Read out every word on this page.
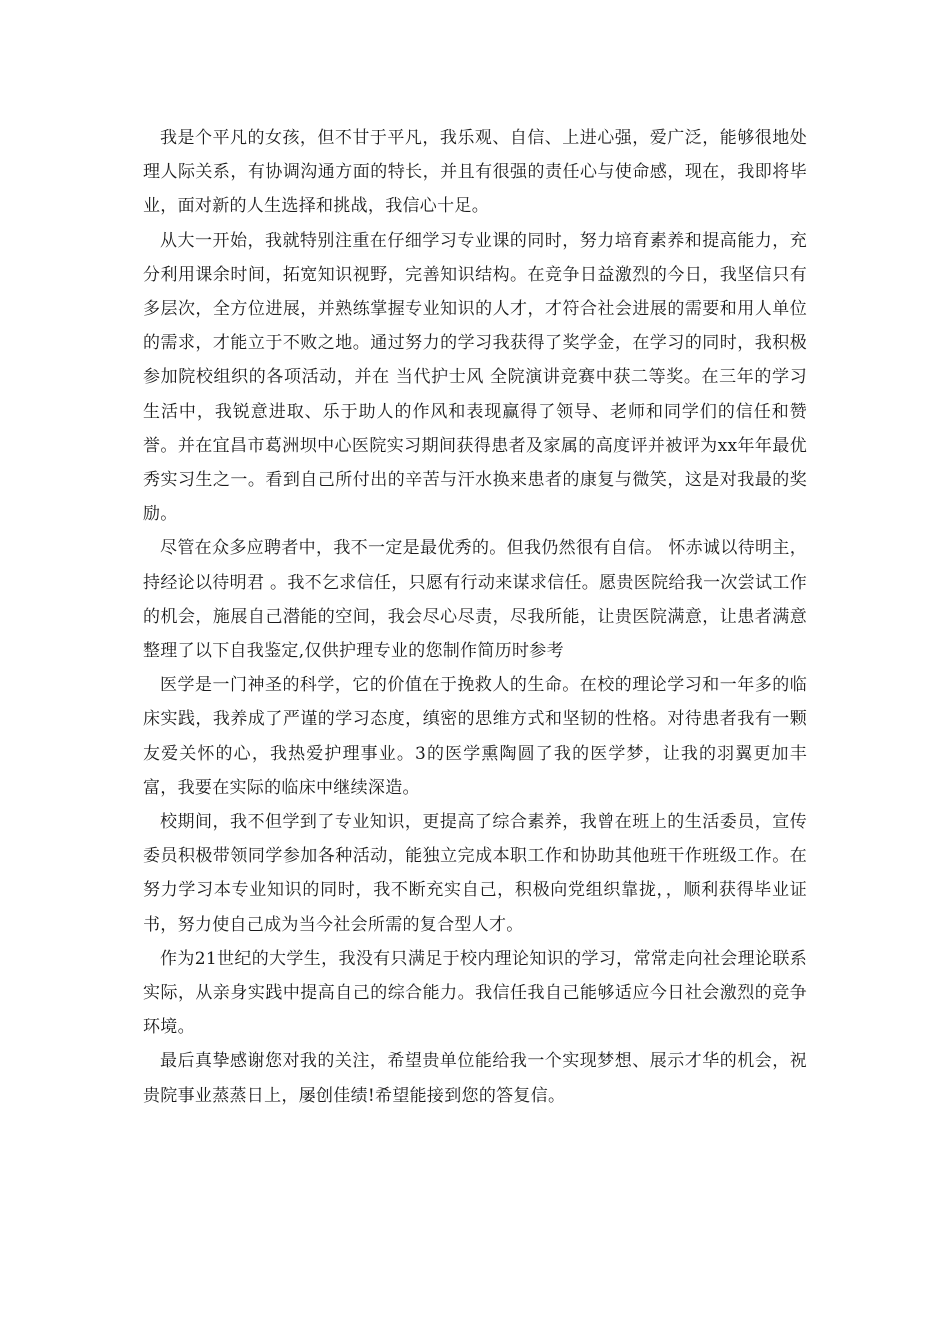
我是个平凡的女孩，但不甘于平凡，我乐观、自信、上进心强，爱广泛，能够很地处理人际关系，有协调沟通方面的特长，并且有很强的责任心与使命感，现在，我即将毕业，面对新的人生选择和挑战，我信心十足。

从大一开始，我就特别注重在仔细学习专业课的同时，努力培育素养和提高能力，充分利用课余时间，拓宽知识视野，完善知识结构。在竞争日益激烈的今日，我坚信只有多层次，全方位进展，并熟练掌握专业知识的人才，才符合社会进展的需要和用人单位的需求，才能立于不败之地。通过努力的学习我获得了奖学金，在学习的同时，我积极参加院校组织的各项活动，并在 当代护士风 全院演讲竞赛中获二等奖。在三年的学习生活中，我锐意进取、乐于助人的作风和表现赢得了领导、老师和同学们的信任和赞誉。并在宜昌市葛洲坝中心医院实习期间获得患者及家属的高度评并被评为xx年年最优秀实习生之一。看到自己所付出的辛苦与汗水换来患者的康复与微笑，这是对我最的奖励。

尽管在众多应聘者中，我不一定是最优秀的。但我仍然很有自信。 怀赤诚以待明主，持经论以待明君 。我不乞求信任，只愿有行动来谋求信任。愿贵医院给我一次尝试工作的机会，施展自己潜能的空间，我会尽心尽责，尽我所能，让贵医院满意，让患者满意整理了以下自我鉴定,仅供护理专业的您制作简历时参考

医学是一门神圣的科学，它的价值在于挽救人的生命。在校的理论学习和一年多的临床实践，我养成了严谨的学习态度，缜密的思维方式和坚韧的性格。对待患者我有一颗友爱关怀的心，我热爱护理事业。3的医学熏陶圆了我的医学梦，让我的羽翼更加丰富，我要在实际的临床中继续深造。

校期间，我不但学到了专业知识，更提高了综合素养，我曾在班上的生活委员，宣传委员积极带领同学参加各种活动，能独立完成本职工作和协助其他班干作班级工作。在努力学习本专业知识的同时，我不断充实自己，积极向党组织靠拢，，顺利获得毕业证书，努力使自己成为当今社会所需的复合型人才。

作为21世纪的大学生，我没有只满足于校内理论知识的学习，常常走向社会理论联系实际，从亲身实践中提高自己的综合能力。我信任我自己能够适应今日社会激烈的竞争环境。

最后真挚感谢您对我的关注，希望贵单位能给我一个实现梦想、展示才华的机会，祝贵院事业蒸蒸日上，屡创佳绩!希望能接到您的答复信。
